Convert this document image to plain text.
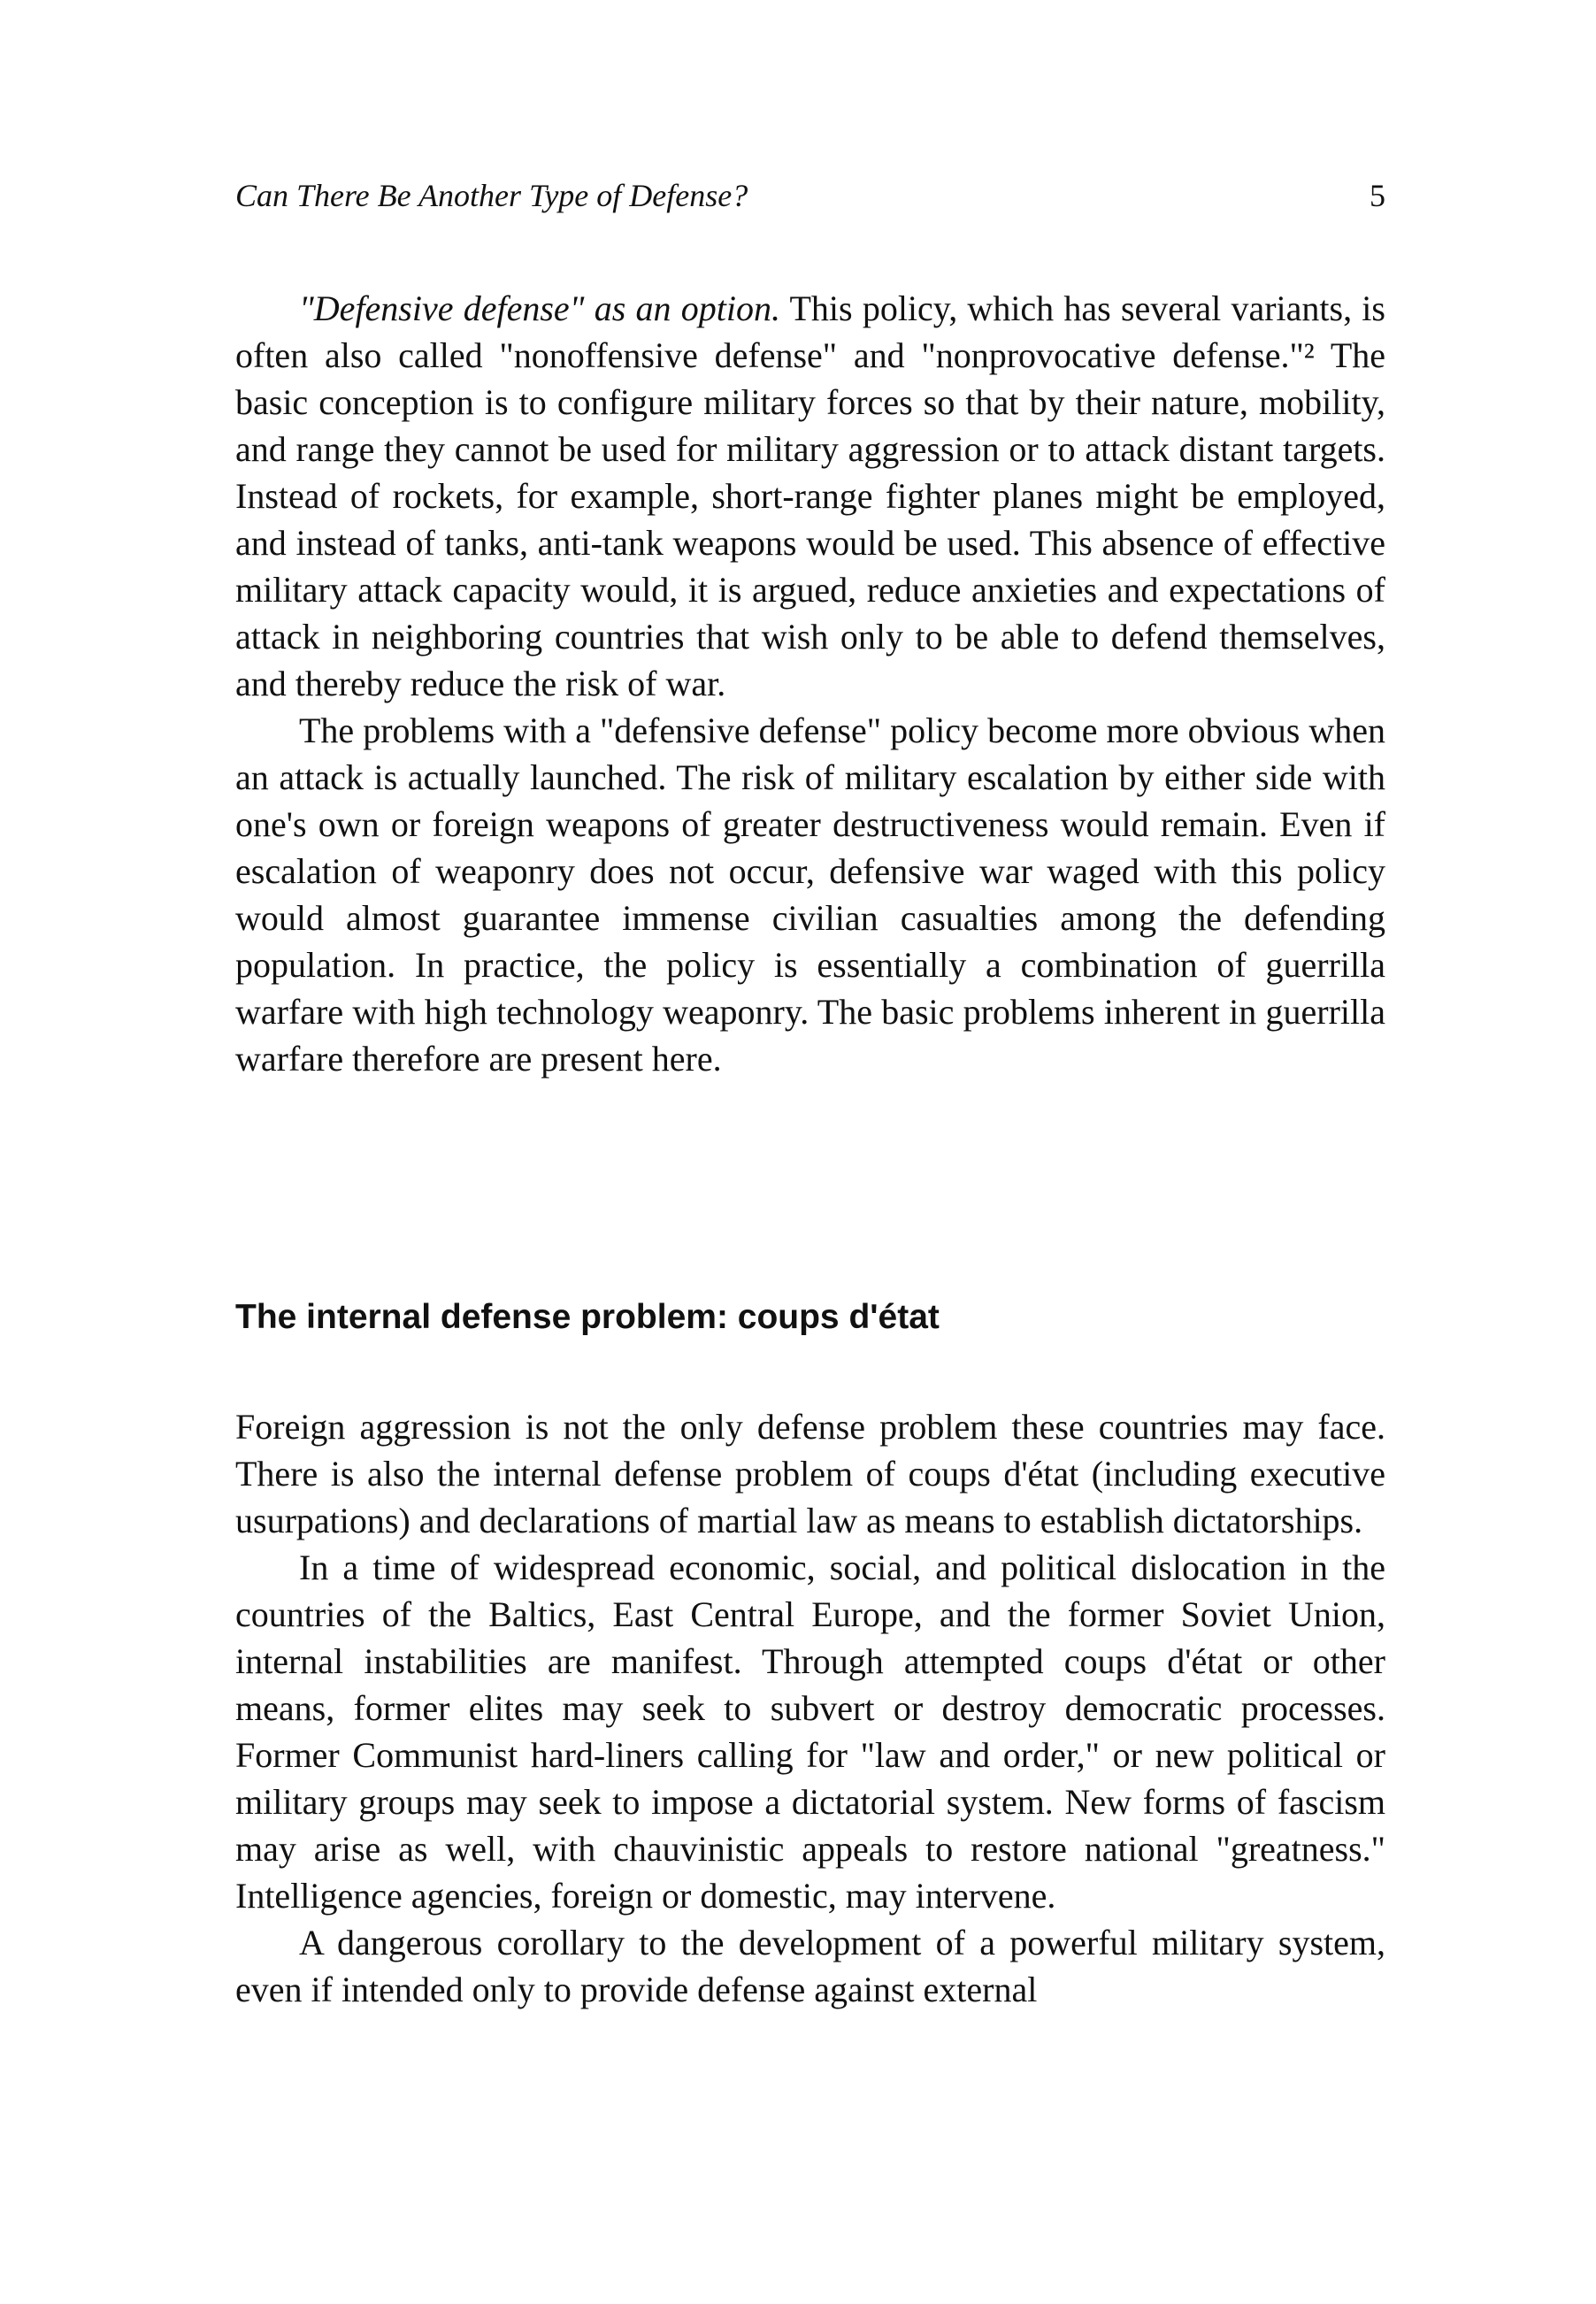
Can There Be Another Type of Defense?	5

"Defensive defense" as an option. This policy, which has several variants, is often also called "nonoffensive defense" and "nonprovocative defense."² The basic conception is to configure military forces so that by their nature, mobility, and range they cannot be used for military aggression or to attack distant targets. Instead of rockets, for example, short-range fighter planes might be employed, and instead of tanks, anti-tank weapons would be used. This absence of effective military attack capacity would, it is argued, reduce anxieties and expectations of attack in neighboring countries that wish only to be able to defend themselves, and thereby reduce the risk of war.

The problems with a "defensive defense" policy become more obvious when an attack is actually launched. The risk of military escalation by either side with one's own or foreign weapons of greater destructiveness would remain. Even if escalation of weaponry does not occur, defensive war waged with this policy would almost guarantee immense civilian casualties among the defending population. In practice, the policy is essentially a combination of guerrilla warfare with high technology weaponry. The basic problems inherent in guerrilla warfare therefore are present here.

The internal defense problem: coups d'état

Foreign aggression is not the only defense problem these countries may face. There is also the internal defense problem of coups d'état (including executive usurpations) and declarations of martial law as means to establish dictatorships.

In a time of widespread economic, social, and political dislocation in the countries of the Baltics, East Central Europe, and the former Soviet Union, internal instabilities are manifest. Through attempted coups d'état or other means, former elites may seek to subvert or destroy democratic processes. Former Communist hard-liners calling for "law and order," or new political or military groups may seek to impose a dictatorial system. New forms of fascism may arise as well, with chauvinistic appeals to restore national "greatness." Intelligence agencies, foreign or domestic, may intervene.

A dangerous corollary to the development of a powerful military system, even if intended only to provide defense against external
